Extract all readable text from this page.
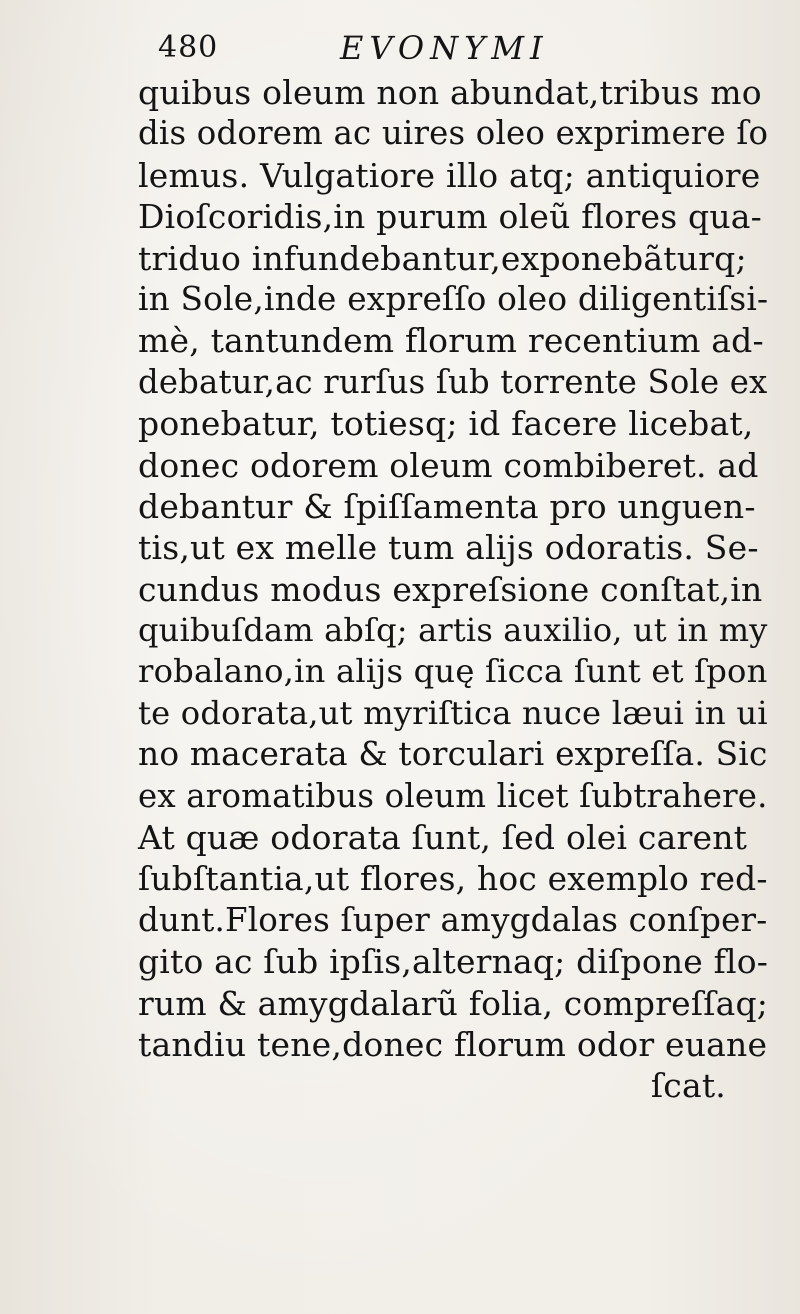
480	EVONYMI
quibus oleum non abundat,tribus mo
dis odorem ac uires oleo exprimere ſo
lemus. Vulgatiore illo atq; antiquiore
Dioſcoridis,in purum oleũ flores qua-
triduo infundebantur,exponebãturq;
in Sole,inde expreſſo oleo diligentiſsi-
mè, tantundem florum recentium ad-
debatur,ac rurſus ſub torrente Sole ex
ponebatur, totiesq; id facere licebat,
donec odorem oleum combiberet. ad
debantur & ſpiſſamenta pro unguen-
tis,ut ex melle tum alijs odoratis. Se-
cundus modus expreſsione conſtat,in
quibuſdam abſq; artis auxilio, ut in my
robalano,in alijs quę ſicca ſunt et ſpon
te odorata,ut myriſtica nuce læui in ui
no macerata & torculari expreſſa. Sic
ex aromatibus oleum licet ſubtrahere.
At quæ odorata ſunt, ſed olei carent
ſubſtantia,ut flores, hoc exemplo red-
dunt.Flores ſuper amygdalas conſper-
gito ac ſub ipſis,alternaq; diſpone flo-
rum & amygdalarũ folia, compreſſaq;
tandiu tene,donec florum odor euane
ſcat.
